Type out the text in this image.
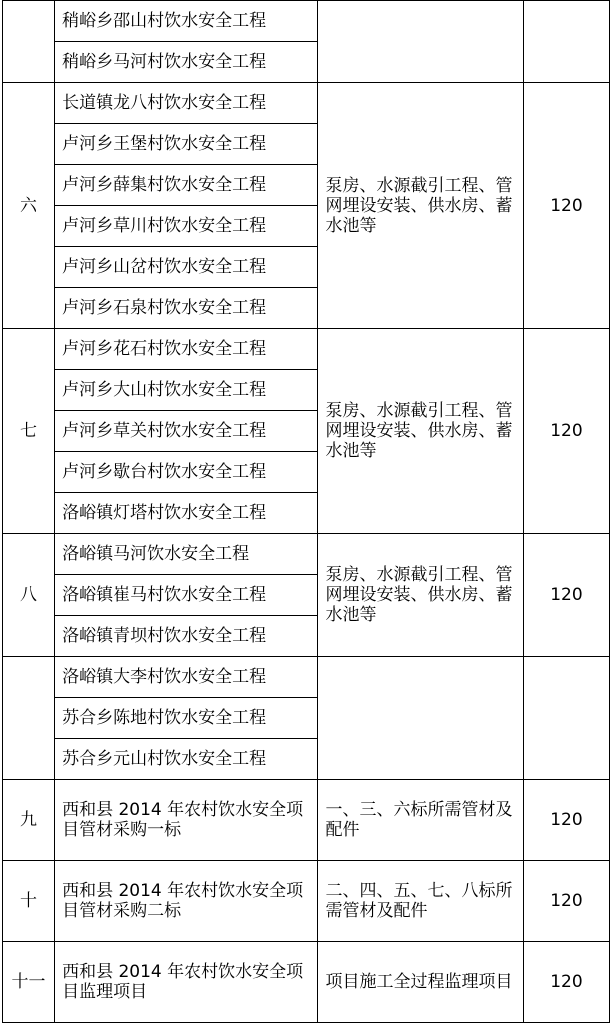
	稍峪乡邵山村饮水安全工程		
	稍峪乡马河村饮水安全工程		
六	长道镇龙八村饮水安全工程	泵房、水源截引工程、管网埋设安装、供水房、蓄水池等	120
	卢河乡王堡村饮水安全工程		
	卢河乡薛集村饮水安全工程		
	卢河乡草川村饮水安全工程		
	卢河乡山岔村饮水安全工程		
	卢河乡石泉村饮水安全工程		
七	卢河乡花石村饮水安全工程	泵房、水源截引工程、管网埋设安装、供水房、蓄水池等	120
	卢河乡大山村饮水安全工程		
	卢河乡草关村饮水安全工程		
	卢河乡歇台村饮水安全工程		
	洛峪镇灯塔村饮水安全工程		
八	洛峪镇马河饮水安全工程	泵房、水源截引工程、管网埋设安装、供水房、蓄水池等	120
	洛峪镇崔马村饮水安全工程		
	洛峪镇青坝村饮水安全工程		
	洛峪镇大李村饮水安全工程		
	苏合乡陈地村饮水安全工程		
	苏合乡元山村饮水安全工程		
九	西和县 2014 年农村饮水安全项目管材采购一标	一、三、六标所需管材及配件	120
十	西和县 2014 年农村饮水安全项目管材采购二标	二、四、五、七、八标所需管材及配件	120
十一	西和县 2014 年农村饮水安全项目监理项目	项目施工全过程监理项目	120
